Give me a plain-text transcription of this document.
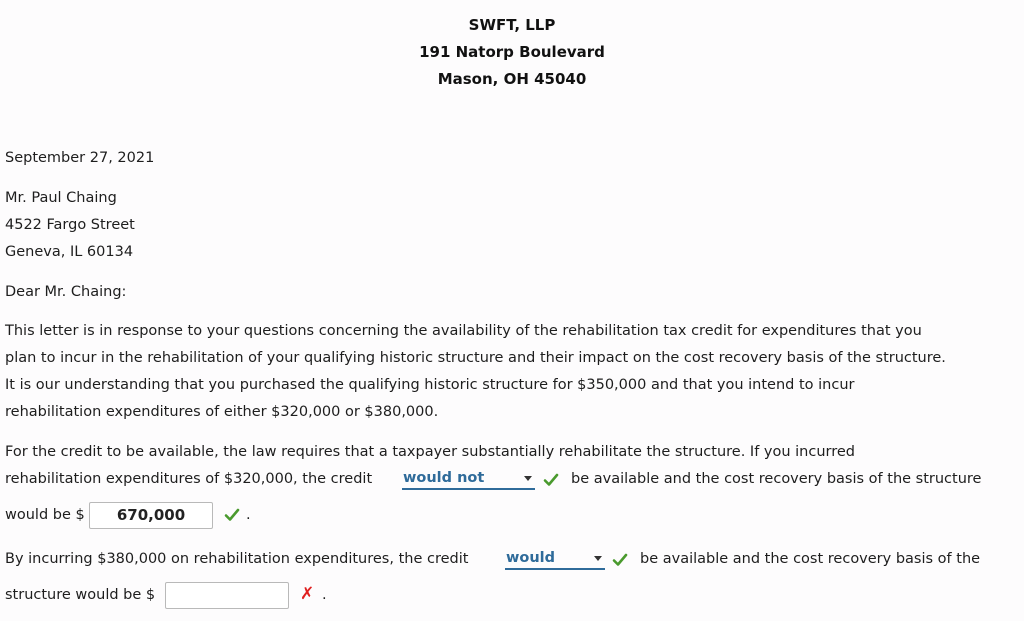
SWFT, LLP
191 Natorp Boulevard
Mason, OH 45040
September 27, 2021
Mr. Paul Chaing
4522 Fargo Street
Geneva, IL 60134
Dear Mr. Chaing:
This letter is in response to your questions concerning the availability of the rehabilitation tax credit for expenditures that you
plan to incur in the rehabilitation of your qualifying historic structure and their impact on the cost recovery basis of the structure.
It is our understanding that you purchased the qualifying historic structure for $350,000 and that you intend to incur
rehabilitation expenditures of either $320,000 or $380,000.
For the credit to be available, the law requires that a taxpayer substantially rehabilitate the structure. If you incurred
rehabilitation expenditures of $320,000, the credit would not	be available and the cost recovery basis of the structure
would be $	670,000	.
By incurring $380,000 on rehabilitation expenditures, the credit	would	be available and the cost recovery basis of the
structure would be $	✗ .
